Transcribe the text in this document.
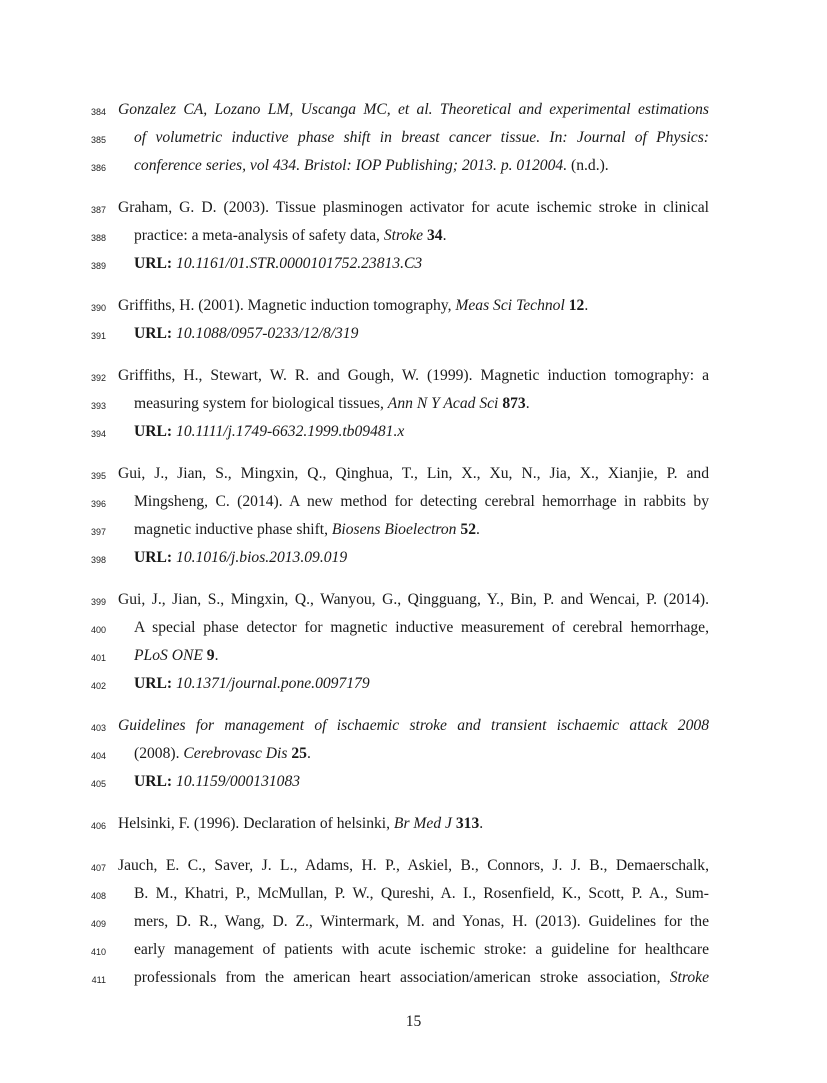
384 Gonzalez CA, Lozano LM, Uscanga MC, et al. Theoretical and experimental estimations
385 of volumetric inductive phase shift in breast cancer tissue. In: Journal of Physics:
386 conference series, vol 434. Bristol: IOP Publishing; 2013. p. 012004. (n.d.).
387 Graham, G. D. (2003). Tissue plasminogen activator for acute ischemic stroke in clinical
388 practice: a meta-analysis of safety data, Stroke 34.
389 URL: 10.1161/01.STR.0000101752.23813.C3
390 Griffiths, H. (2001). Magnetic induction tomography, Meas Sci Technol 12.
391 URL: 10.1088/0957-0233/12/8/319
392 Griffiths, H., Stewart, W. R. and Gough, W. (1999). Magnetic induction tomography: a
393 measuring system for biological tissues, Ann N Y Acad Sci 873.
394 URL: 10.1111/j.1749-6632.1999.tb09481.x
395 Gui, J., Jian, S., Mingxin, Q., Qinghua, T., Lin, X., Xu, N., Jia, X., Xianjie, P. and
396 Mingsheng, C. (2014). A new method for detecting cerebral hemorrhage in rabbits by
397 magnetic inductive phase shift, Biosens Bioelectron 52.
398 URL: 10.1016/j.bios.2013.09.019
399 Gui, J., Jian, S., Mingxin, Q., Wanyou, G., Qingguang, Y., Bin, P. and Wencai, P. (2014).
400 A special phase detector for magnetic inductive measurement of cerebral hemorrhage,
401 PLoS ONE 9.
402 URL: 10.1371/journal.pone.0097179
403 Guidelines for management of ischaemic stroke and transient ischaemic attack 2008
404 (2008). Cerebrovasc Dis 25.
405 URL: 10.1159/000131083
406 Helsinki, F. (1996). Declaration of helsinki, Br Med J 313.
407 Jauch, E. C., Saver, J. L., Adams, H. P., Askiel, B., Connors, J. J. B., Demaerschalk,
408 B. M., Khatri, P., McMullan, P. W., Qureshi, A. I., Rosenfield, K., Scott, P. A., Sum-
409 mers, D. R., Wang, D. Z., Wintermark, M. and Yonas, H. (2013). Guidelines for the
410 early management of patients with acute ischemic stroke: a guideline for healthcare
411 professionals from the american heart association/american stroke association, Stroke
15
